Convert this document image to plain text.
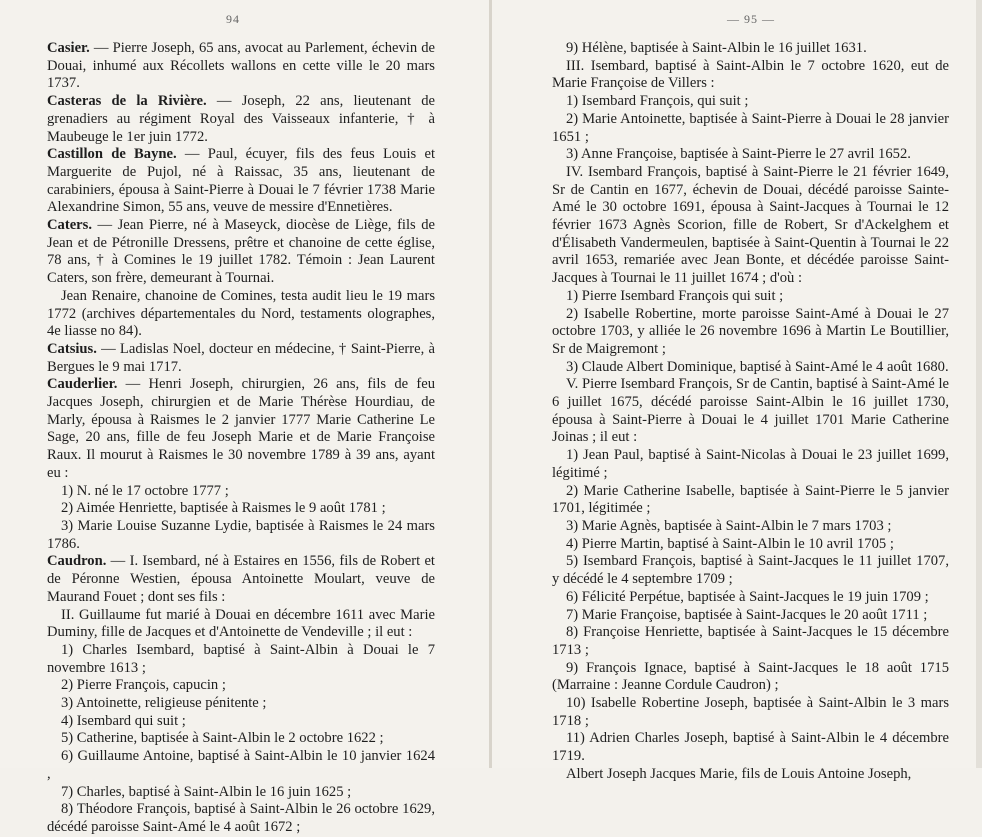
94

Casier. — Pierre Joseph, 65 ans, avocat au Parlement, échevin de Douai, inhumé aux Récollets wallons en cette ville le 20 mars 1737.

Casteras de la Rivière. — Joseph, 22 ans, lieutenant de grenadiers au régiment Royal des Vaisseaux infanterie, † à Maubeuge le 1er juin 1772.

Castillon de Bayne. — Paul, écuyer, fils des feus Louis et Marguerite de Pujol, né à Raissac, 35 ans, lieutenant de carabiniers, épousa à Saint-Pierre à Douai le 7 février 1738 Marie Alexandrine Simon, 55 ans, veuve de messire d'Ennetières.

Caters. — Jean Pierre, né à Maseyck, diocèse de Liège, fils de Jean et de Pétronille Dressens, prêtre et chanoine de cette église, 78 ans, † à Comines le 19 juillet 1782. Témoin : Jean Laurent Caters, son frère, demeurant à Tournai.

Jean Renaire, chanoine de Comines, testa audit lieu le 19 mars 1772 (archives départementales du Nord, testaments olographes, 4e liasse no 84).

Catsius. — Ladislas Noel, docteur en médecine, † Saint-Pierre, à Bergues le 9 mai 1717.

Cauderlier. — Henri Joseph, chirurgien, 26 ans, fils de feu Jacques Joseph, chirurgien et de Marie Thérèse Hourdiau, de Marly, épousa à Raismes le 2 janvier 1777 Marie Catherine Le Sage, 20 ans, fille de feu Joseph Marie et de Marie Françoise Raux. Il mourut à Raismes le 30 novembre 1789 à 39 ans, ayant eu :

1) N. né le 17 octobre 1777 ;

2) Aimée Henriette, baptisée à Raismes le 9 août 1781 ;

3) Marie Louise Suzanne Lydie, baptisée à Raismes le 24 mars 1786.

Caudron. — I. Isembard, né à Estaires en 1556, fils de Robert et de Péronne Westien, épousa Antoinette Moulart, veuve de Maurand Fouet ; dont ses fils :

II. Guillaume fut marié à Douai en décembre 1611 avec Marie Duminy, fille de Jacques et d'Antoinette de Vendeville ; il eut :

1) Charles Isembard, baptisé à Saint-Albin à Douai le 7 novembre 1613 ;

2) Pierre François, capucin ;

3) Antoinette, religieuse pénitente ;

4) Isembard qui suit ;

5) Catherine, baptisée à Saint-Albin le 2 octobre 1622 ;

6) Guillaume Antoine, baptisé à Saint-Albin le 10 janvier 1624 ,

7) Charles, baptisé à Saint-Albin le 16 juin 1625 ;

8) Théodore François, baptisé à Saint-Albin le 26 octobre 1629, décédé paroisse Saint-Amé le 4 août 1672 ;

— 95 —

9) Hélène, baptisée à Saint-Albin le 16 juillet 1631.

III. Isembard, baptisé à Saint-Albin le 7 octobre 1620, eut de Marie Françoise de Villers :

1) Isembard François, qui suit ;

2) Marie Antoinette, baptisée à Saint-Pierre à Douai le 28 janvier 1651 ;

3) Anne Françoise, baptisée à Saint-Pierre le 27 avril 1652.

IV. Isembard François, baptisé à Saint-Pierre le 21 février 1649, Sr de Cantin en 1677, échevin de Douai, décédé paroisse Sainte-Amé le 30 octobre 1691, épousa à Saint-Jacques à Tournai le 12 février 1673 Agnès Scorion, fille de Robert, Sr d'Ackelghem et d'Élisabeth Vandermeulen, baptisée à Saint-Quentin à Tournai le 22 avril 1653, remariée avec Jean Bonte, et décédée paroisse Saint-Jacques à Tournai le 11 juillet 1674 ; d'où :

1) Pierre Isembard François qui suit ;

2) Isabelle Robertine, morte paroisse Saint-Amé à Douai le 27 octobre 1703, y alliée le 26 novembre 1696 à Martin Le Boutillier, Sr de Maigremont ;

3) Claude Albert Dominique, baptisé à Saint-Amé le 4 août 1680.

V. Pierre Isembard François, Sr de Cantin, baptisé à Saint-Amé le 6 juillet 1675, décédé paroisse Saint-Albin le 16 juillet 1730, épousa à Saint-Pierre à Douai le 4 juillet 1701 Marie Catherine Joinas ; il eut :

1) Jean Paul, baptisé à Saint-Nicolas à Douai le 23 juillet 1699, légitimé ;

2) Marie Catherine Isabelle, baptisée à Saint-Pierre le 5 janvier 1701, légitimée ;

3) Marie Agnès, baptisée à Saint-Albin le 7 mars 1703 ;

4) Pierre Martin, baptisé à Saint-Albin le 10 avril 1705 ;

5) Isembard François, baptisé à Saint-Jacques le 11 juillet 1707, y décédé le 4 septembre 1709 ;

6) Félicité Perpétue, baptisée à Saint-Jacques le 19 juin 1709 ;

7) Marie Françoise, baptisée à Saint-Jacques le 20 août 1711 ;

8) Françoise Henriette, baptisée à Saint-Jacques le 15 décembre 1713 ;

9) François Ignace, baptisé à Saint-Jacques le 18 août 1715 (Marraine : Jeanne Cordule Caudron) ;

10) Isabelle Robertine Joseph, baptisée à Saint-Albin le 3 mars 1718 ;

11) Adrien Charles Joseph, baptisé à Saint-Albin le 4 décembre 1719.

Albert Joseph Jacques Marie, fils de Louis Antoine Joseph,
